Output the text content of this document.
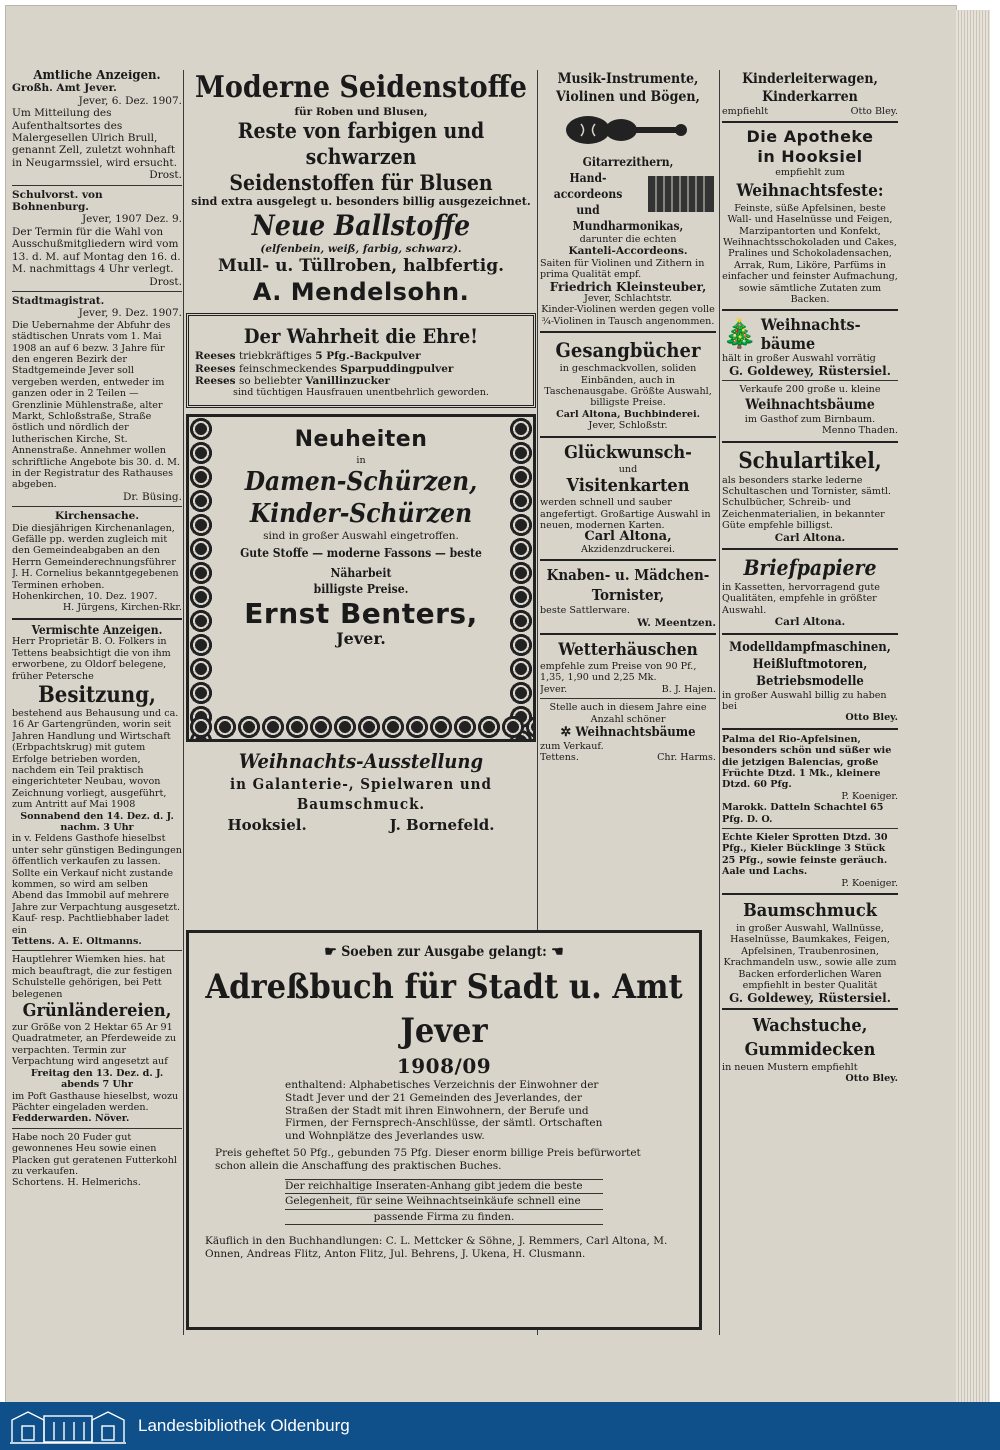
Amtliche Anzeigen.

Großh. Amt Jever.

Jever, 6. Dez. 1907.

Um Mitteilung des Aufenthaltsortes des Malergesellen Ulrich Brull, genannt Zell, zuletzt wohnhaft in Neugarmssiel, wird ersucht.

Drost.

Schulvorst. von Bohnenburg.

Jever, 1907 Dez. 9.

Der Termin für die Wahl von Ausschußmitgliedern wird vom 13. d. M. auf Montag den 16. d. M. nachmittags 4 Uhr verlegt.

Drost.

Stadtmagistrat.

Jever, 9. Dez. 1907.

Die Uebernahme der Abfuhr des städtischen Unrats vom 1. Mai 1908 an auf 6 bezw. 3 Jahre für den engeren Bezirk der Stadtgemeinde Jever soll vergeben werden, entweder im ganzen oder in 2 Teilen — Grenzlinie Mühlenstraße, alter Markt, Schloßstraße, Straße östlich und nördlich der lutherischen Kirche, St. Annenstraße. Annehmer wollen schriftliche Angebote bis 30. d. M. in der Registratur des Rathauses abgeben.

Dr. Büsing.

Kirchensache.

Die diesjährigen Kirchenanlagen, Gefälle pp. werden zugleich mit den Gemeindeabgaben an den Herrn Gemeinderechnungsführer J. H. Cornelius bekanntgegebenen Terminen erhoben.

Hohenkirchen, 10. Dez. 1907.

H. Jürgens, Kirchen-Rkr.

Vermischte Anzeigen.

Herr Proprietär B. O. Folkers in Tettens beabsichtigt die von ihm erworbene, zu Oldorf belegene, früher Petersche

Besitzung,

bestehend aus Behausung und ca. 16 Ar Gartengründen, worin seit Jahren Handlung und Wirtschaft (Erbpachtskrug) mit gutem Erfolge betrieben worden, nachdem ein Teil praktisch eingerichteter Neubau, wovon Zeichnung vorliegt, ausgeführt, zum Antritt auf Mai 1908

Sonnabend den 14. Dez. d. J.

nachm. 3 Uhr

in v. Feldens Gasthofe hieselbst unter sehr günstigen Bedingungen öffentlich verkaufen zu lassen. Sollte ein Verkauf nicht zustande kommen, so wird am selben Abend das Immobil auf mehrere Jahre zur Verpachtung ausgesetzt. Kauf- resp. Pachtliebhaber ladet ein

Tettens. A. E. Oltmanns.

Hauptlehrer Wiemken hies. hat mich beauftragt, die zur festigen Schulstelle gehörigen, bei Pett belegenen

Grünländereien,

zur Größe von 2 Hektar 65 Ar 91 Quadratmeter, an Pferdeweide zu verpachten. Termin zur Verpachtung wird angesetzt auf

Freitag den 13. Dez. d. J. abends 7 Uhr

im Poft Gasthause hieselbst, wozu Pächter eingeladen werden.

Fedderwarden. Növer.

Habe noch 20 Fuder gut gewonnenes Heu sowie einen Placken gut geratenen Futterkohl zu verkaufen.

Schortens. H. Helmerichs.

Moderne Seidenstoffe

für Roben und Blusen,

Reste von farbigen und schwarzen

Seidenstoffen für Blusen

sind extra ausgelegt u. besonders billig ausgezeichnet.

Neue Ballstoffe

(elfenbein, weiß, farbig, schwarz).

Mull- u. Tüllroben, halbfertig.

A. Mendelsohn.

Der Wahrheit die Ehre!

Reeses triebkräftiges 5 Pfg.-Backpulver

Reeses feinschmeckendes Sparpuddingpulver

Reeses so beliebter Vanillinzucker

sind tüchtigen Hausfrauen unentbehrlich geworden.

Neuheiten

in

Damen-Schürzen,

Kinder-Schürzen

sind in großer Auswahl eingetroffen.

Gute Stoffe — moderne Fassons — beste Näharbeit

billigste Preise.

Ernst Benters,

Jever.

Weihnachts-Ausstellung

in Galanterie-, Spielwaren und

Baumschmuck.

Hooksiel.	J. Bornefeld.

☛ Soeben zur Ausgabe gelangt: ☚

Adreßbuch für Stadt u. Amt Jever

1908/09

enthaltend: Alphabetisches Verzeichnis der Einwohner der Stadt Jever und der 21 Gemeinden des Jeverlandes, der Straßen der Stadt mit ihren Einwohnern, der Berufe und Firmen, der Fernsprech-Anschlüsse, der sämtl. Ortschaften und Wohnplätze des Jeverlandes usw.

Preis geheftet 50 Pfg., gebunden 75 Pfg. Dieser enorm billige Preis befürwortet schon allein die Anschaffung des praktischen Buches.

Der reichhaltige Inseraten-Anhang gibt jedem die beste

Gelegenheit, für seine Weihnachtseinkäufe schnell eine

passende Firma zu finden.

Käuflich in den Buchhandlungen: C. L. Mettcker & Söhne, J. Remmers, Carl Altona, M. Onnen, Andreas Flitz, Anton Flitz, Jul. Behrens, J. Ukena, H. Clusmann.

Musik-Instrumente,

Violinen und Bögen,

Gitarrezithern,

Hand-

accordeons

und

Mundharmonikas,

darunter die echten

Kanteli-Accordeons.

Saiten für Violinen und Zithern in prima Qualität empf.

Friedrich Kleinsteuber,

Jever, Schlachtstr.

Kinder-Violinen werden gegen volle ¾-Violinen in Tausch angenommen.

Gesangbücher

in geschmackvollen, soliden Einbänden, auch in Taschenausgabe. Größte Auswahl, billigste Preise.

Carl Altona, Buchbinderei.

Jever, Schloßstr.

Glückwunsch-

und

Visitenkarten

werden schnell und sauber angefertigt. Großartige Auswahl in neuen, modernen Karten.

Carl Altona,

Akzidenzdruckerei.

Knaben- u. Mädchen-

Tornister,

beste Sattlerware.

W. Meentzen.

Wetterhäuschen

empfehle zum Preise von 90 Pf., 1,35, 1,90 und 2,25 Mk.

Jever.	B. J. Hajen.

Stelle auch in diesem Jahre eine Anzahl schöner

✲ Weihnachtsbäume

zum Verkauf.

Tettens.	Chr. Harms.

Kinderleiterwagen,

Kinderkarren

empfiehlt	Otto Bley.

Die Apotheke

in Hooksiel

empfiehlt zum

Weihnachtsfeste:

Feinste, süße Apfelsinen, beste Wall- und Haselnüsse und Feigen, Marzipantorten und Konfekt, Weihnachtsschokoladen und Cakes, Pralines und Schokoladensachen, Arrak, Rum, Liköre, Parfüms in einfacher und feinster Aufmachung, sowie sämtliche Zutaten zum Backen.

🎄 Weihnachts-

bäume

hält in großer Auswahl vorrätig

G. Goldewey, Rüstersiel.

Verkaufe 200 große u. kleine

Weihnachtsbäume

im Gasthof zum Birnbaum.

Menno Thaden.

Schulartikel,

als besonders starke lederne Schultaschen und Tornister, sämtl. Schulbücher, Schreib- und Zeichenmaterialien, in bekannter Güte empfehle billigst.

Carl Altona.

Briefpapiere

in Kassetten, hervorragend gute Qualitäten, empfehle in größter Auswahl.

Carl Altona.

Modelldampfmaschinen,

Heißluftmotoren,

Betriebsmodelle

in großer Auswahl billig zu haben bei

Otto Bley.

Palma del Rio-Apfelsinen, besonders schön und süßer wie die jetzigen Balencias, große Früchte Dtzd. 1 Mk., kleinere Dtzd. 60 Pfg.

P. Koeniger.

Marokk. Datteln Schachtel 65 Pfg. D. O.

Echte Kieler Sprotten Dtzd. 30 Pfg., Kieler Bücklinge 3 Stück 25 Pfg., sowie feinste geräuch. Aale und Lachs.

P. Koeniger.

Baumschmuck

in großer Auswahl, Wallnüsse, Haselnüsse, Baumkakes, Feigen, Apfelsinen, Traubenrosinen, Krachmandeln usw., sowie alle zum Backen erforderlichen Waren empfiehlt in bester Qualität

G. Goldewey, Rüstersiel.

Wachstuche,

Gummidecken

in neuen Mustern empfiehlt

Otto Bley.

Landesbibliothek Oldenburg
